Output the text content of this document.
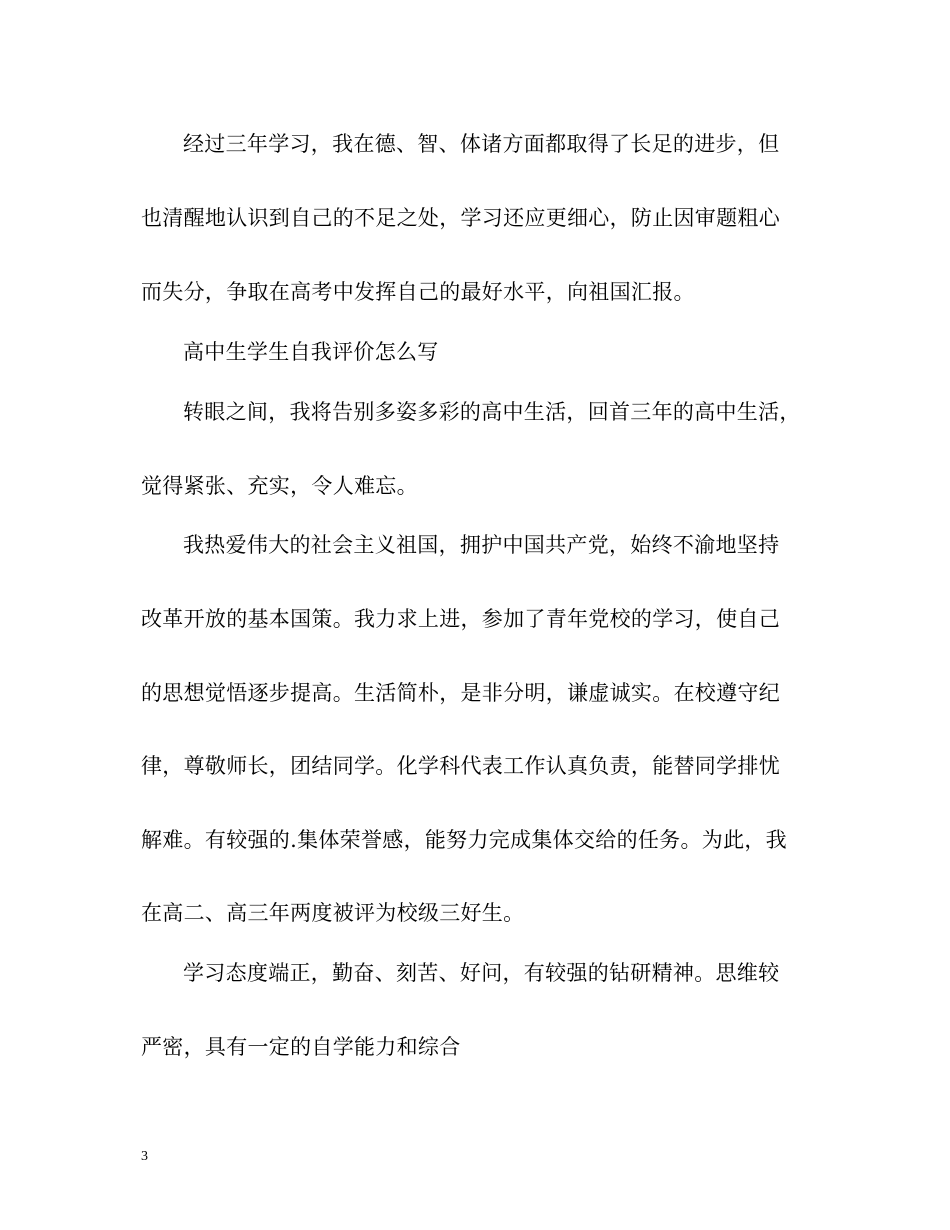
经过三年学习，我在德、智、体诸方面都取得了长足的进步，但
也清醒地认识到自己的不足之处，学习还应更细心，防止因审题粗心
而失分，争取在高考中发挥自己的最好水平，向祖国汇报。
高中生学生自我评价怎么写
转眼之间，我将告别多姿多彩的高中生活，回首三年的高中生活，
觉得紧张、充实，令人难忘。
我热爱伟大的社会主义祖国，拥护中国共产党，始终不渝地坚持
改革开放的基本国策。我力求上进，参加了青年党校的学习，使自己
的思想觉悟逐步提高。生活简朴，是非分明，谦虚诚实。在校遵守纪
律，尊敬师长，团结同学。化学科代表工作认真负责，能替同学排忧
解难。有较强的.集体荣誉感，能努力完成集体交给的任务。为此，我
在高二、高三年两度被评为校级三好生。
学习态度端正，勤奋、刻苦、好问，有较强的钻研精神。思维较
严密，具有一定的自学能力和综合
3
